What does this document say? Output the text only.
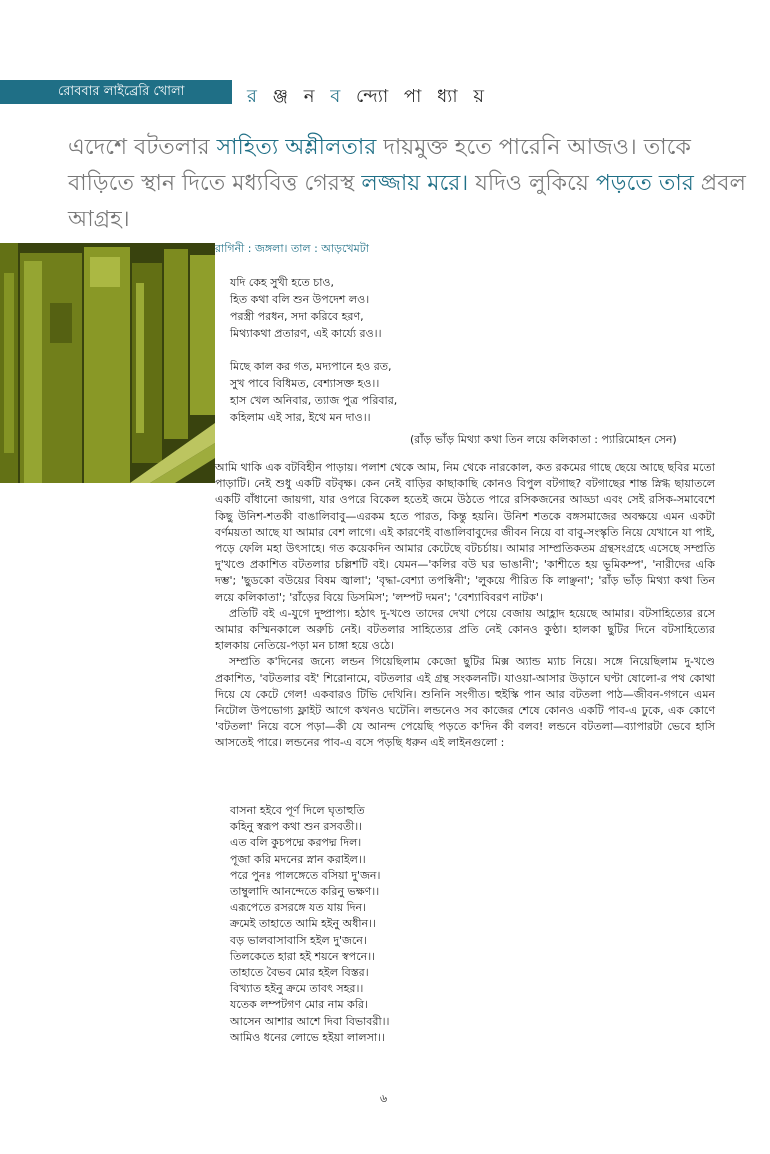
রোববার লাইব্রেরি খোলা	র ঞ্জ ন ব ন্দ্যো পা ধ্যা য়
এদেশে বটতলার সাহিত্য অশ্লীলতার দায়মুক্ত হতে পারেনি আজও। তাকে বাড়িতে স্থান দিতে মধ্যবিত্ত গেরস্থ লজ্জায় মরে। যদিও লুকিয়ে পড়তে তার প্রবল আগ্রহ।
রাগিনী : জঙ্গলা। তাল : আড়খেমটা
যদি কেহ সুখী হতে চাও,
হিত কথা বলি শুন উপদেশ লও।
পরস্ত্রী পরধন, সদা করিবে হরণ,
মিথ্যাকথা প্রতারণ, এই কার্য্যে রও।।
মিছে কাল কর গত, মদ্যপানে হও রত,
সুখ পাবে বিধিমত, বেশ্যাসক্ত হও।।
হাস খেল অনিবার, ত্যাজ পুত্র পরিবার,
কহিলাম এই সার, ইথে মন দাও।।
(রাঁড় ভাঁড় মিথ্যা কথা তিন লয়ে কলিকাতা : প্যারিমোহন সেন)

আমি থাকি এক বটবিহীন পাড়ায়। পলাশ থেকে আম, নিম থেকে নারকোল, কত রকমের গাছে ছেয়ে আছে ছবির মতো পাড়াটি। নেই শুধু একটি বটবৃক্ষ। কেন নেই বাড়ির কাছাকাছি কোনও বিপুল বটগাছ? বটগাছের শান্ত স্নিগ্ধ ছায়াতলে একটি বাঁধানো জায়গা, যার ওপরে বিকেল হতেই জমে উঠতে পারে রসিকজনের আড্ডা এবং সেই রসিক-সমাবেশে কিছু উনিশ-শতকী বাঙালিবাবু—এরকম হতে পারত, কিন্তু হয়নি। উনিশ শতকে বঙ্গসমাজের অবক্ষয়ে এমন একটা বর্ণময়তা আছে যা আমার বেশ লাগে। এই কারণেই বাঙালিবাবুদের জীবন নিয়ে বা বাবু-সংস্কৃতি নিয়ে যেখানে যা পাই, পড়ে ফেলি মহা উৎসাহে। গত কয়েকদিন আমার কেটেছে বটচর্চায়। আমার সাম্প্রতিকতম গ্রন্থসংগ্রহে এসেছে সম্প্রতি দু'খণ্ডে প্রকাশিত বটতলার চল্লিশটি বই। যেমন—'কলির বউ ঘর ভাঙানী'; 'কাশীতে হয় ভূমিকম্প', 'নারীদের একি দম্ভ'; 'ছুডকো বউয়ের বিষম জ্বালা'; 'বৃদ্ধা-বেশ্যা তপস্বিনী'; 'লুকয়ে পীরিত কি লাঞ্ছনা'; 'রাঁড় ভাঁড় মিথ্যা কথা তিন লয়ে কলিকাতা'; 'রাঁড়ের বিয়ে ডিসমিস'; 'লম্পট দমন'; 'বেশ্যাবিবরণ নাটক'।

প্রতিটি বই এ-যুগে দুষ্প্রাপ্য। হঠাৎ দু-খণ্ডে তাদের দেখা পেয়ে বেজায় আহ্লাদ হয়েছে আমার। বটসাহিত্যের রসে আমার কস্মিনকালে অরুচি নেই। বটতলার সাহিত্যের প্রতি নেই কোনও কুণ্ঠা। হালকা ছুটির দিনে বটসাহিত্যের হালকায় নেতিয়ে-পড়া মন চাঙ্গা হয়ে ওঠে।

সম্প্রতি ক'দিনের জন্যে লন্ডন গিয়েছিলাম কেজো ছুটির মিক্স অ্যান্ড ম্যাচ নিয়ে। সঙ্গে নিয়েছিলাম দু-খণ্ডে প্রকাশিত, 'বটতলার বই' শিরোনামে, বটতলার এই গ্রন্থ সংকলনটি। যাওয়া-আসার উড়ানে ঘণ্টা ষোলো-র পথ কোথা দিয়ে যে কেটে গেল! একবারও টিভি দেখিনি। শুনিনি সংগীত। হুইস্কি পান আর বটতলা পাঠ—জীবন-গগনে এমন নিটোল উপভোগ্য ফ্লাইট আগে কখনও ঘটেনি। লন্ডনেও সব কাজের শেষে কোনও একটি পাব-এ ঢুকে, এক কোণে 'বটতলা' নিয়ে বসে পড়া—কী যে আনন্দ পেয়েছি পড়তে ক'দিন কী বলব! লন্ডনে বটতলা—ব্যাপারটা ভেবে হাসি আসতেই পারে। লন্ডনের পাব-এ বসে পড়ছি ধরুন এই লাইনগুলো :

বাসনা হইবে পূর্ণ দিলে ঘৃতাহুতি
কহিনু স্বরূপ কথা শুন রসবতী।।
এত বলি কুচপদ্মে করপদ্ম দিল।
পূজা করি মদনের স্নান করাইল।।
পরে পুনঃ পালঙ্গেতে বসিয়া দু'জন।
তাম্বুলাদি আনন্দেতে করিনু ভক্ষণ।।
এরূপেতে রসরঙ্গে যত যায় দিন।
ক্রমেই তাহাতে আমি হইনু অধীন।।
বড় ভালবাসাবাসি হইল দু'জনে।
তিলকেতে হারা হই শয়নে স্বপনে।।
তাহাতে বৈভব মোর হইল বিস্তর।
বিখ্যাত হইনু ক্রমে তাবৎ সহর।।
যতেক লম্পটগণ মোর নাম করি।
আসেন আশার আশে দিবা বিভাবরী।।
আমিও ধনের লোভে হইয়া লালসা।।
৬
